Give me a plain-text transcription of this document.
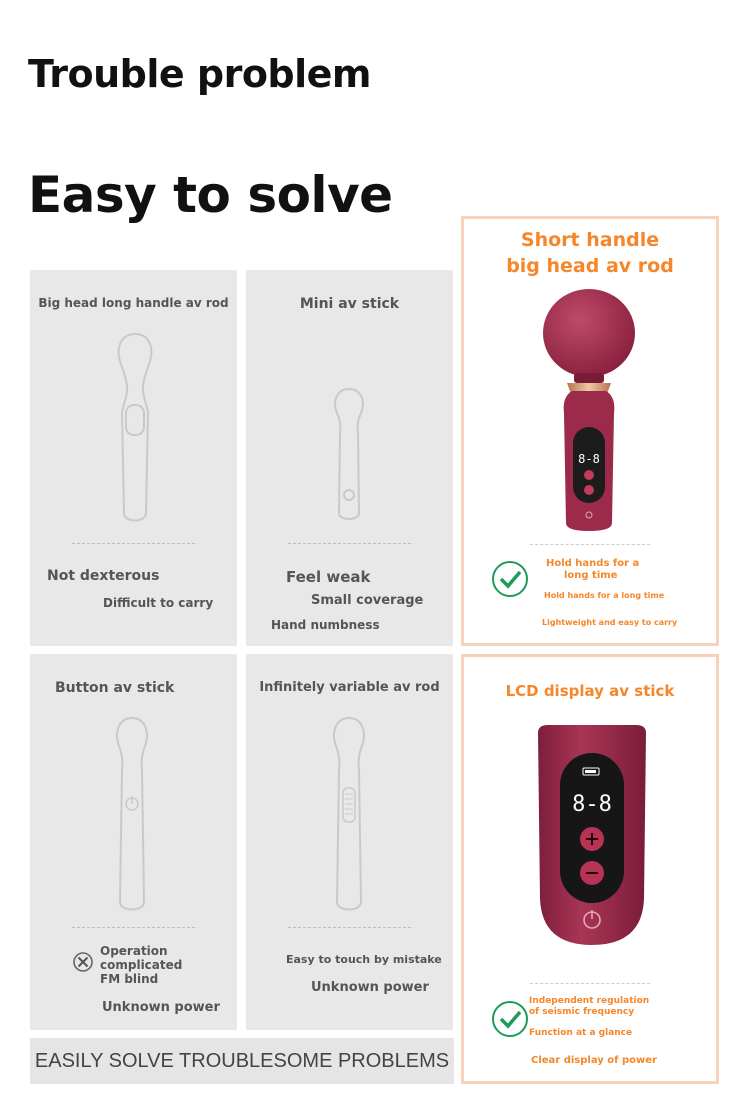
Trouble problem
Easy to solve
Big head long handle av rod
Not dexterous
Difficult to carry
Mini av stick
Feel weak
Small coverage
Hand numbness
Button av stick
Operation
complicated
FM blind
Unknown power
Infinitely variable av rod
Easy to touch by mistake
Unknown power
Short handle
big head av rod
8-8
Hold hands for a
long time
Hold hands for a long time
Lightweight and easy to carry
LCD display av stick
8-8
Independent regulation
of seismic frequency
Function at a glance
Clear display of power
EASILY SOLVE TROUBLESOME PROBLEMS
